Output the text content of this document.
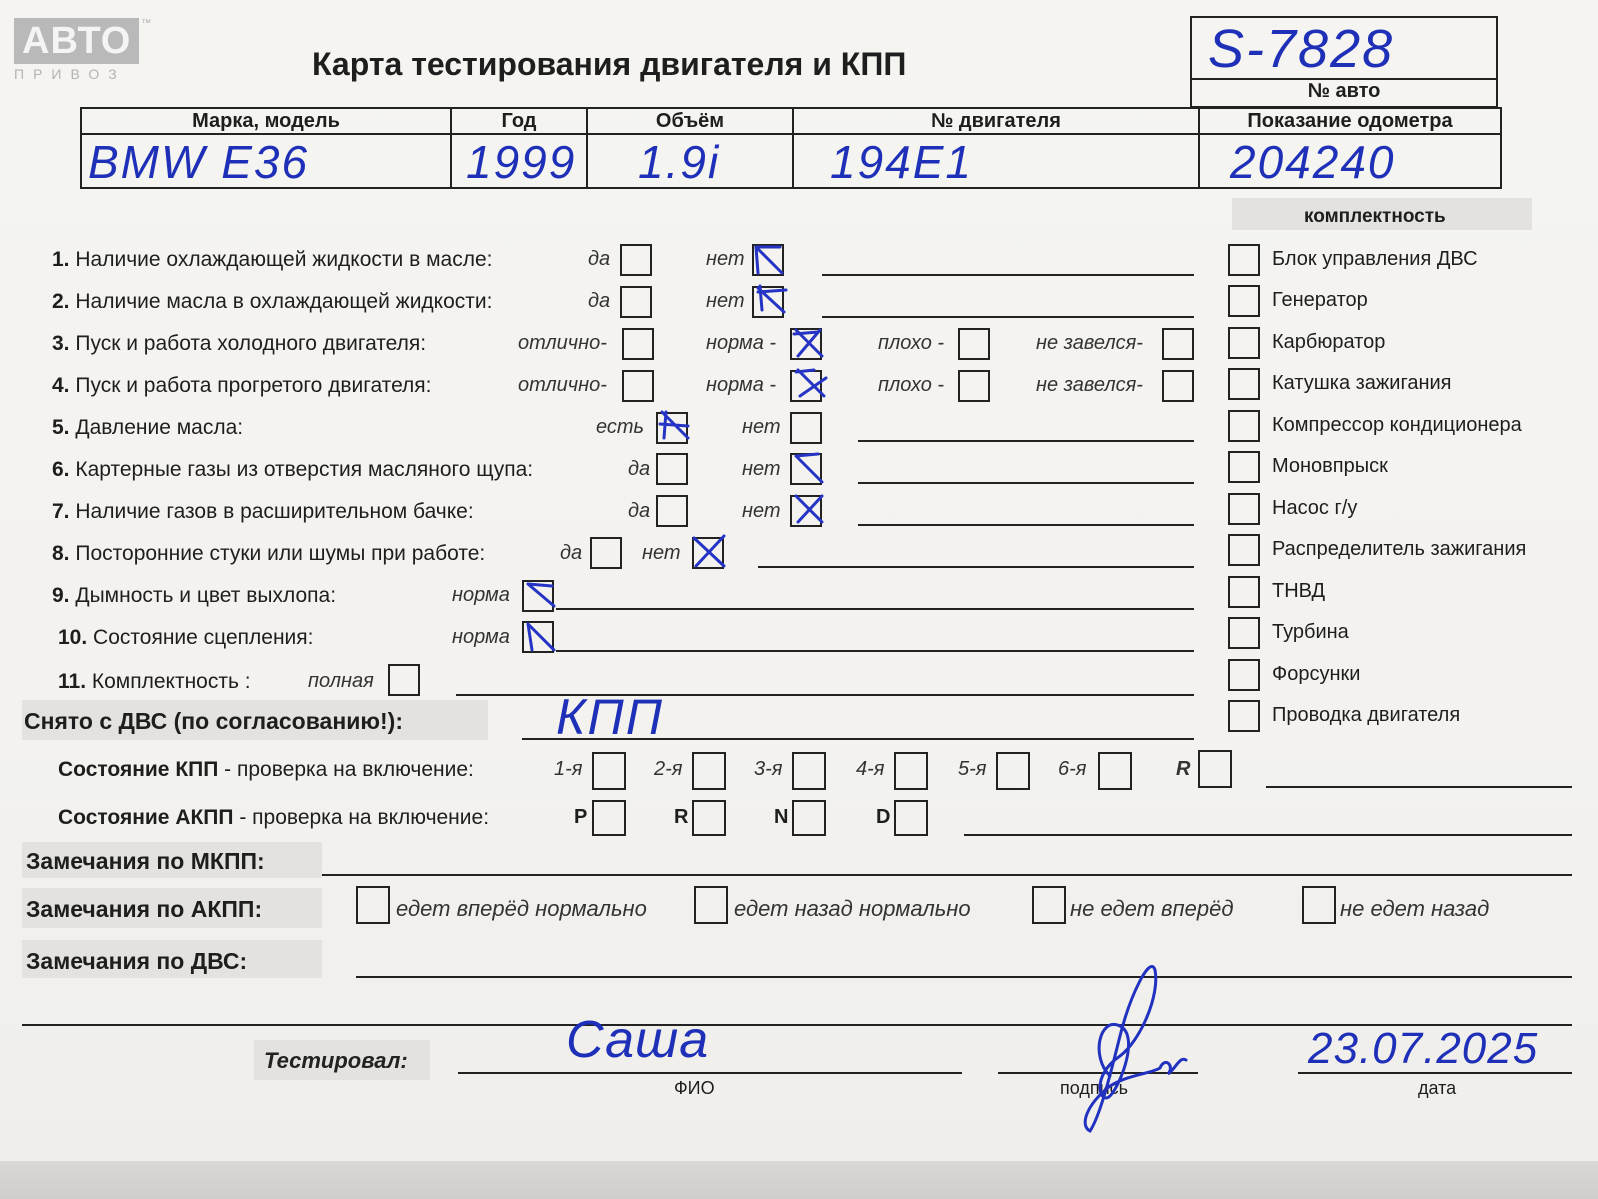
АВТО	™
ПРИВОЗ	Карта тестирования двигателя и КПП	S-7828
№ авто
Марка, модель	Год	Объём	№ двигателя	Показание одометра

BMW E36	1999	1.9i	194E1	204240
комплектность
Блок управления ДВС
Генератор
Карбюратор
Катушка зажигания
Компрессор кондиционера
Моновпрыск
Насос г/у
Распределитель зажигания
ТНВД
Турбина
Форсунки
Проводка двигателя
1. Наличие охлаждающей жидкости в масле:	да	нет
2. Наличие масла в охлаждающей жидкости:	да	нет
3. Пуск и работа холодного двигателя:	отлично-	норма -	плохо -	не завелся-
4. Пуск и работа прогретого двигателя:	отлично-	норма -	плохо -	не завелся-
5. Давление масла:	есть	нет
6. Картерные газы из отверстия масляного щупа:	да	нет
7. Наличие газов в расширительном бачке:	да	нет
8. Посторонние стуки или шумы при работе:	да	нет
9. Дымность и цвет выхлопа:	норма
10. Состояние сцепления:	норма
11. Комплектность :	полная
Снято с ДВС (по согласованию!):	КПП
Состояние КПП - проверка на включение:	1-я	2-я	3-я	4-я	5-я	6-я	R
Состояние АКПП - проверка на включение:	P	R	N	D
Замечания по МКПП:
Замечания по АКПП:	едет вперёд нормально	едет назад нормально	не едет вперёд	не едет назад
Замечания по ДВС:
Тестировал:	Саша
ФИО	подпись
23.07.2025
дата
